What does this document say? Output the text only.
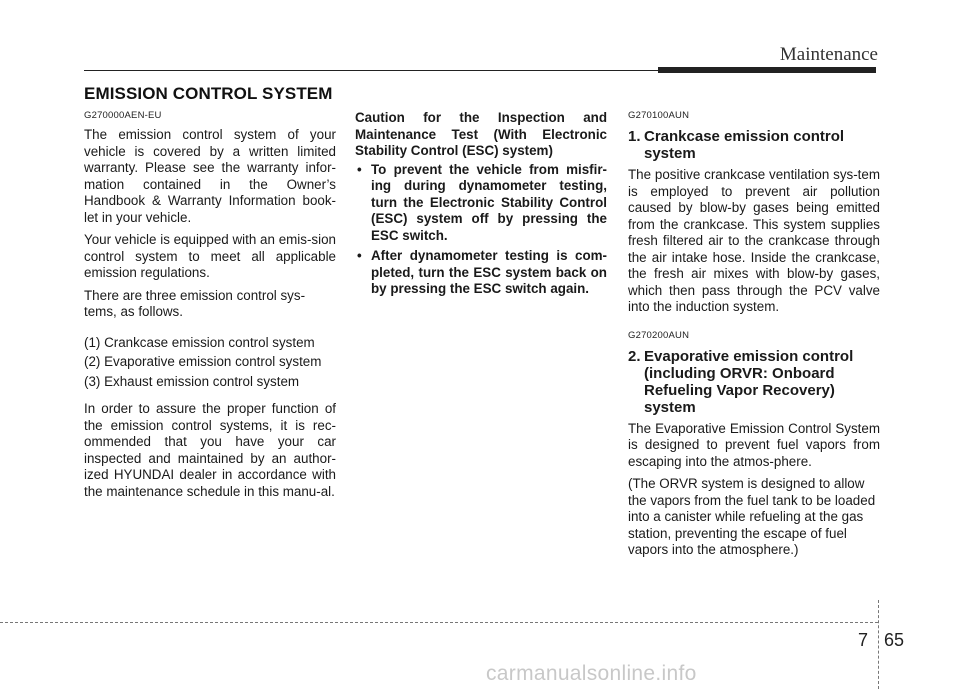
Maintenance
EMISSION CONTROL SYSTEM
G270000AEN-EU

The emission control system of your vehicle is covered by a written limited warranty. Please see the warranty infor-mation contained in the Owner’s Handbook & Warranty Information book-let in your vehicle.

Your vehicle is equipped with an emis-sion control system to meet all applicable emission regulations.

There are three emission control sys-tems, as follows.

(1) Crankcase emission control system
(2) Evaporative emission control system
(3) Exhaust emission control system

In order to assure the proper function of the emission control systems, it is rec-ommended that you have your car inspected and maintained by an author-ized HYUNDAI dealer in accordance with the maintenance schedule in this manu-al.

Caution for the Inspection and Maintenance Test (With Electronic Stability Control (ESC) system)

• To prevent the vehicle from misfir-ing during dynamometer testing, turn the Electronic Stability Control (ESC) system off by pressing the ESC switch.
• After dynamometer testing is com-pleted, turn the ESC system back on by pressing the ESC switch again.
G270100AUN
1. Crankcase emission control
system

The positive crankcase ventilation sys-tem is employed to prevent air pollution caused by blow-by gases being emitted from the crankcase. This system supplies fresh filtered air to the crankcase through the air intake hose. Inside the crankcase, the fresh air mixes with blow-by gases, which then pass through the PCV valve into the induction system.

G270200AUN
2. Evaporative emission control
(including ORVR: Onboard
Refueling Vapor Recovery)
system

The Evaporative Emission Control System is designed to prevent fuel vapors from escaping into the atmos-phere.

(The ORVR system is designed to allow the vapors from the fuel tank to be loaded into a canister while refueling at the gas station, preventing the escape of fuel vapors into the atmosphere.)

7 65
carmanualsonline.info
